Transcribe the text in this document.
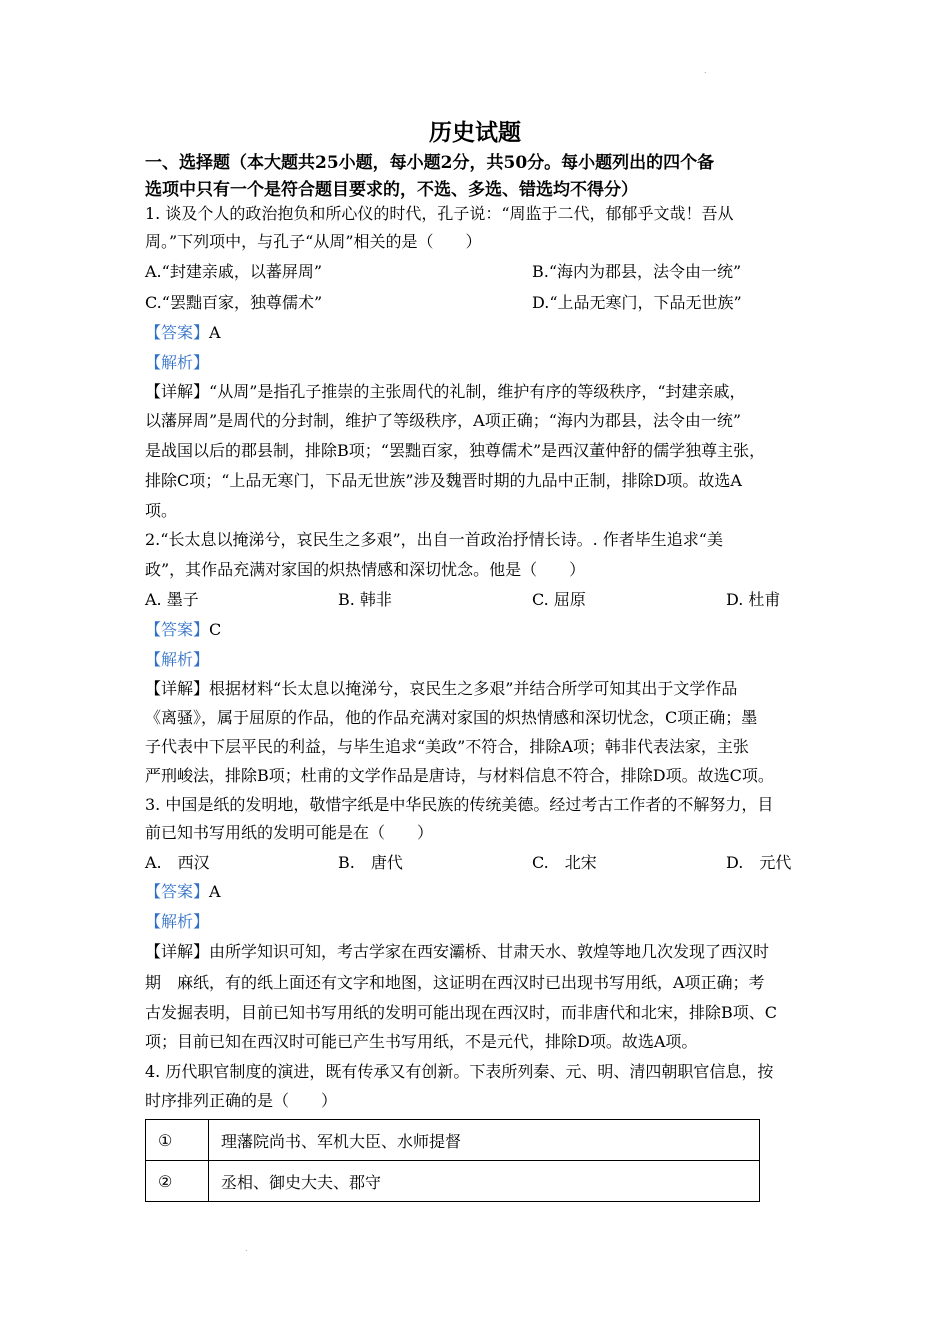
.
历史试题
一、选择题（本大题共25小题，每小题2分，共50分。每小题列出的四个备
选项中只有一个是符合题目要求的，不选、多选、错选均不得分）
1. 谈及个人的政治抱负和所心仪的时代，孔子说：“周监于二代，郁郁乎文哉！吾从
周。”下列项中，与孔子“从周”相关的是（　　）
A.“封建亲戚，以蕃屏周”	B.“海内为郡县，法令由一统”
C.“罢黜百家，独尊儒术”	D.“上品无寒门，下品无世族”
【答案】A
【解析】
【详解】“从周”是指孔子推崇的主张周代的礼制，维护有序的等级秩序，“封建亲戚，
以藩屏周”是周代的分封制，维护了等级秩序，A项正确；“海内为郡县，法令由一统”
是战国以后的郡县制，排除B项；“罢黜百家，独尊儒术”是西汉董仲舒的儒学独尊主张，
排除C项；“上品无寒门，下品无世族”涉及魏晋时期的九品中正制，排除D项。故选A
项。
2.“长太息以掩涕兮，哀民生之多艰”，出自一首政治抒情长诗。. 作者毕生追求“美
政”，其作品充满对家国的炽热情感和深切忧念。他是（　　）
A. 墨子	B. 韩非	C. 屈原	D. 杜甫
【答案】C
【解析】
【详解】根据材料“长太息以掩涕兮，哀民生之多艰”并结合所学可知其出于文学作品
《离骚》，属于屈原的作品，他的作品充满对家国的炽热情感和深切忧念，C项正确；墨
子代表中下层平民的利益，与毕生追求“美政”不符合，排除A项；韩非代表法家，主张
严刑峻法，排除B项；杜甫的文学作品是唐诗，与材料信息不符合，排除D项。故选C项。
3. 中国是纸的发明地，敬惜字纸是中华民族的传统美德。经过考古工作者的不解努力，目
前已知书写用纸的发明可能是在（　　）
A.　西汉	B.　唐代	C.　北宋	D.　元代
【答案】A
【解析】
【详解】由所学知识可知，考古学家在西安灞桥、甘肃天水、敦煌等地几次发现了西汉时
期　麻纸，有的纸上面还有文字和地图，这证明在西汉时已出现书写用纸，A项正确；考
古发掘表明，目前已知书写用纸的发明可能出现在西汉时，而非唐代和北宋，排除B项、C
项；目前已知在西汉时可能已产生书写用纸，不是元代，排除D项。故选A项。
4. 历代职官制度的演进，既有传承又有创新。下表所列秦、元、明、清四朝职官信息，按
时序排列正确的是（　　）
①	理藩院尚书、军机大臣、水师提督
②	丞相、御史大夫、郡守
.
